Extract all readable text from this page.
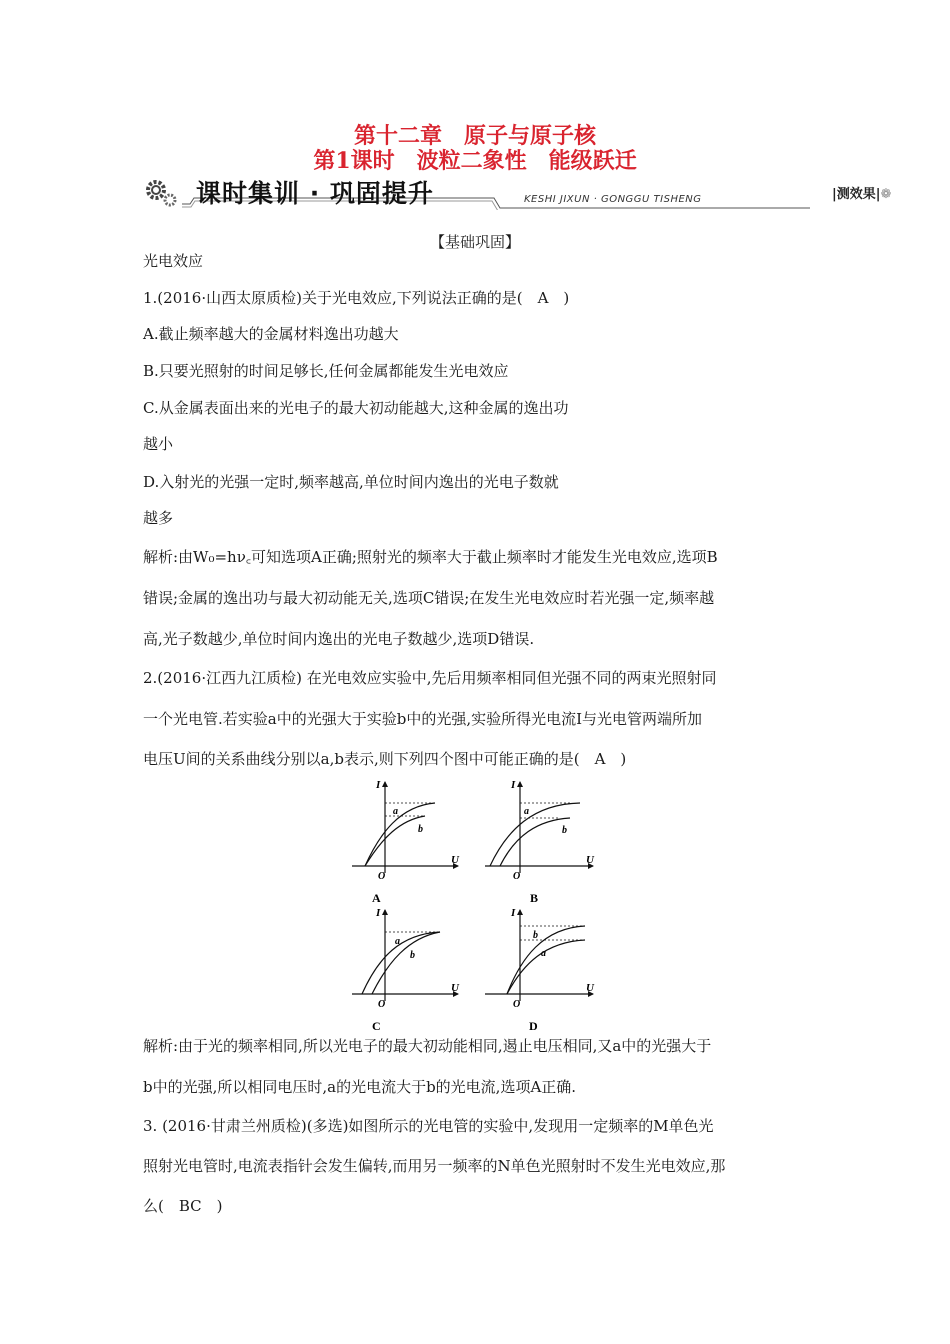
第十二章　原子与原子核
第1课时　波粒二象性　能级跃迁
课时集训 · 巩固提升	KESHI JIXUN · GONGGU TISHENG	|测效果|❁
【基础巩固】
光电效应
1.(2016·山西太原质检)关于光电效应,下列说法正确的是(　A　)
A.截止频率越大的金属材料逸出功越大
B.只要光照射的时间足够长,任何金属都能发生光电效应
C.从金属表面出来的光电子的最大初动能越大,这种金属的逸出功
越小
D.入射光的光强一定时,频率越高,单位时间内逸出的光电子数就
越多
解析:由W₀=hν꜀可知选项A正确;照射光的频率大于截止频率时才能发生光电效应,选项B
错误;金属的逸出功与最大初动能无关,选项C错误;在发生光电效应时若光强一定,频率越
高,光子数越少,单位时间内逸出的光电子数越少,选项D错误.
2.(2016·江西九江质检) 在光电效应实验中,先后用频率相同但光强不同的两束光照射同
一个光电管.若实验a中的光强大于实验b中的光强,实验所得光电流I与光电管两端所加
电压U间的关系曲线分别以a,b表示,则下列四个图中可能正确的是(　A　)
I
U
O
a
b
A
I
U
O
a
b
B
I
U
O
a
b
C
I
U
O
b
a
D
解析:由于光的频率相同,所以光电子的最大初动能相同,遏止电压相同,又a中的光强大于
b中的光强,所以相同电压时,a的光电流大于b的光电流,选项A正确.
3. (2016·甘肃兰州质检)(多选)如图所示的光电管的实验中,发现用一定频率的M单色光
照射光电管时,电流表指针会发生偏转,而用另一频率的N单色光照射时不发生光电效应,那
么(　BC　)
